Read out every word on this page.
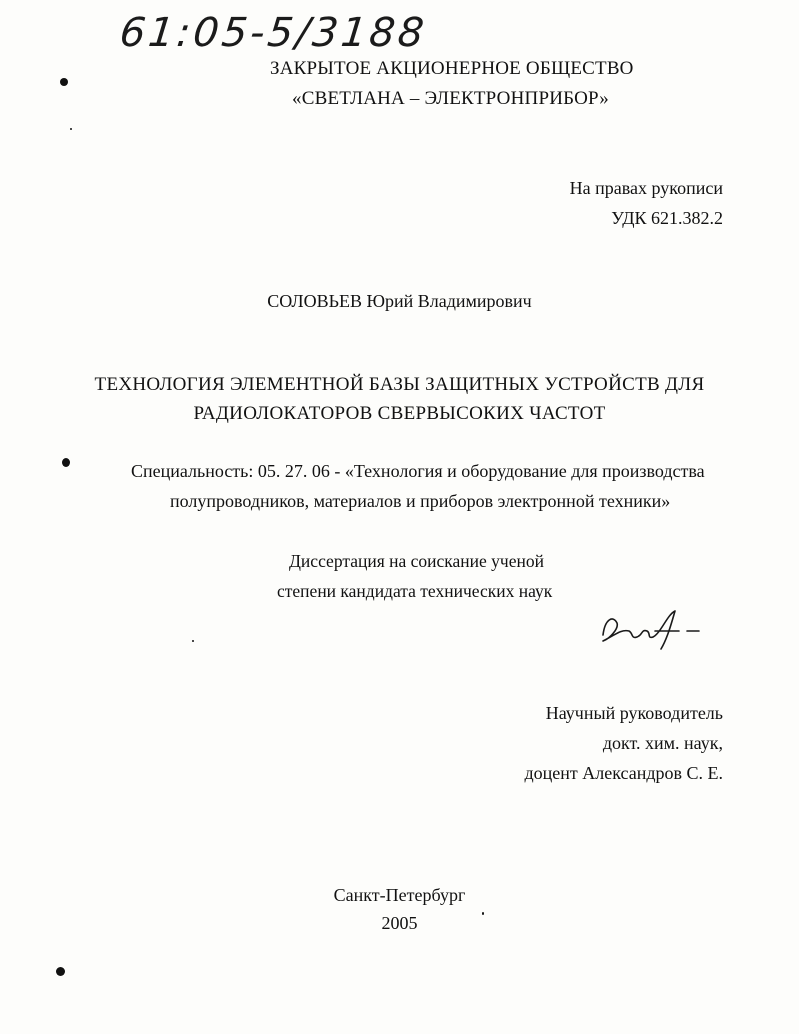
61:05-5/3188
ЗАКРЫТОЕ АКЦИОНЕРНОЕ ОБЩЕСТВО
«СВЕТЛАНА – ЭЛЕКТРОНПРИБОР»
На правах рукописи
УДК 621.382.2
СОЛОВЬЕВ Юрий Владимирович
ТЕХНОЛОГИЯ ЭЛЕМЕНТНОЙ БАЗЫ ЗАЩИТНЫХ УСТРОЙСТВ ДЛЯ
РАДИОЛОКАТОРОВ СВЕРВЫСОКИХ ЧАСТОТ
Специальность: 05. 27. 06 - «Технология и оборудование для производства
полупроводников, материалов и приборов электронной техники»
Диссертация на соискание ученой
степени кандидата технических наук
Научный руководитель
докт. хим. наук,
доцент Александров С. Е.
Санкт-Петербург
2005
